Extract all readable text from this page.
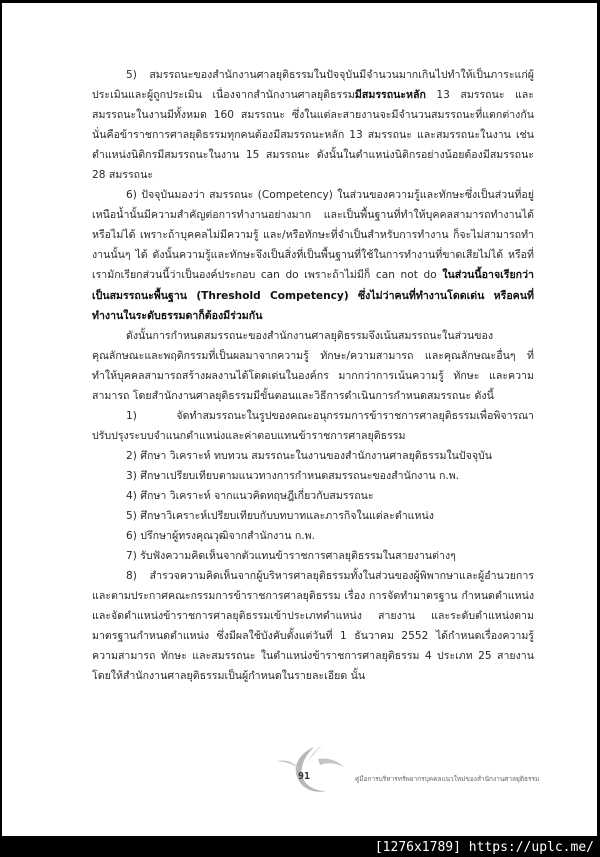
5) สมรรถนะของสำนักงานศาลยุติธรรมในปัจจุบันมีจำนวนมากเกินไปทำให้เป็นภาระแก่ผู้ประเมินและผู้ถูกประเมิน เนื่องจากสำนักงานศาลยุติธรรมมีสมรรถนะหลัก 13 สมรรถนะ และสมรรถนะในงานมีทั้งหมด 160 สมรรถนะ ซึ่งในแต่ละสายงานจะมีจำนวนสมรรถนะที่แตกต่างกัน นั่นคือข้าราชการศาลยุติธรรมทุกคนต้องมีสมรรถนะหลัก 13 สมรรถนะ และสมรรถนะในงาน เช่น ตำแหน่งนิติกรมีสมรรถนะในงาน 15 สมรรถนะ ดังนั้นในตำแหน่งนิติกรอย่างน้อยต้องมีสมรรถนะ 28 สมรรถนะ

6) ปัจจุบันมองว่า สมรรถนะ (Competency) ในส่วนของความรู้และทักษะซึ่งเป็นส่วนที่อยู่เหนือน้ำนั้นมีความสำคัญต่อการทำงานอย่างมาก และเป็นพื้นฐานที่ทำให้บุคคลสามารถทำงานได้หรือไม่ได้ เพราะถ้าบุคคลไม่มีความรู้ และ/หรือทักษะที่จำเป็นสำหรับการทำงาน ก็จะไม่สามารถทำงานนั้นๆ ได้ ดังนั้นความรู้และทักษะจึงเป็นสิ่งที่เป็นพื้นฐานที่ใช้ในการทำงานที่ขาดเสียไม่ได้ หรือที่เรามักเรียกส่วนนี้ว่าเป็นองค์ประกอบ can do เพราะถ้าไม่มีก็ can not do ในส่วนนี้อาจเรียกว่าเป็นสมรรถนะพื้นฐาน (Threshold Competency) ซึ่งไม่ว่าคนที่ทำงานโดดเด่น หรือคนที่ทำงานในระดับธรรมดาก็ต้องมีร่วมกัน

ดังนั้นการกำหนดสมรรถนะของสำนักงานศาลยุติธรรมจึงเน้นสมรรถนะในส่วนของคุณลักษณะและพฤติกรรมที่เป็นผลมาจากความรู้ ทักษะ/ความสามารถ และคุณลักษณะอื่นๆ ที่ทำให้บุคคลสามารถสร้างผลงานได้โดดเด่นในองค์กร มากกว่าการเน้นความรู้ ทักษะ และความสามารถ โดยสำนักงานศาลยุติธรรมมีขั้นตอนและวิธีการดำเนินการกำหนดสมรรถนะ ดังนี้

1) จัดทำสมรรถนะในรูปของคณะอนุกรรมการข้าราชการศาลยุติธรรมเพื่อพิจารณาปรับปรุงระบบจำแนกตำแหน่งและค่าตอบแทนข้าราชการศาลยุติธรรม

2) ศึกษา วิเคราะห์ ทบทวน สมรรถนะในงานของสำนักงานศาลยุติธรรมในปัจจุบัน

3) ศึกษาเปรียบเทียบตามแนวทางการกำหนดสมรรถนะของสำนักงาน ก.พ.

4) ศึกษา วิเคราะห์ จากแนวคิดทฤษฎีเกี่ยวกับสมรรถนะ

5) ศึกษาวิเคราะห์เปรียบเทียบกับบทบาทและภารกิจในแต่ละตำแหน่ง

6) ปรึกษาผู้ทรงคุณวุฒิจากสำนักงาน ก.พ.

7) รับฟังความคิดเห็นจากตัวแทนข้าราชการศาลยุติธรรมในสายงานต่างๆ

8) สำรวจความคิดเห็นจากผู้บริหารศาลยุติธรรมทั้งในส่วนของผู้พิพากษาและผู้อำนวยการและตามประกาศคณะกรรมการข้าราชการศาลยุติธรรม เรื่อง การจัดทำมาตรฐาน กำหนดตำแหน่ง และจัดตำแหน่งข้าราชการศาลยุติธรรมเข้าประเภทตำแหน่ง สายงาน และระดับตำแหน่งตามมาตรฐานกำหนดตำแหน่ง ซึ่งมีผลใช้บังคับตั้งแต่วันที่ 1 ธันวาคม 2552 ได้กำหนดเรื่องความรู้ ความสามารถ ทักษะ และสมรรถนะ ในตำแหน่งข้าราชการศาลยุติธรรม 4 ประเภท 25 สายงาน โดยให้สำนักงานศาลยุติธรรมเป็นผู้กำหนดในรายละเอียด นั้น

91	คู่มือการบริหารทรัพยากรบุคคลแนวใหม่ของสำนักงานศาลยุติธรรม
[1276x1789] https://uplc.me/
